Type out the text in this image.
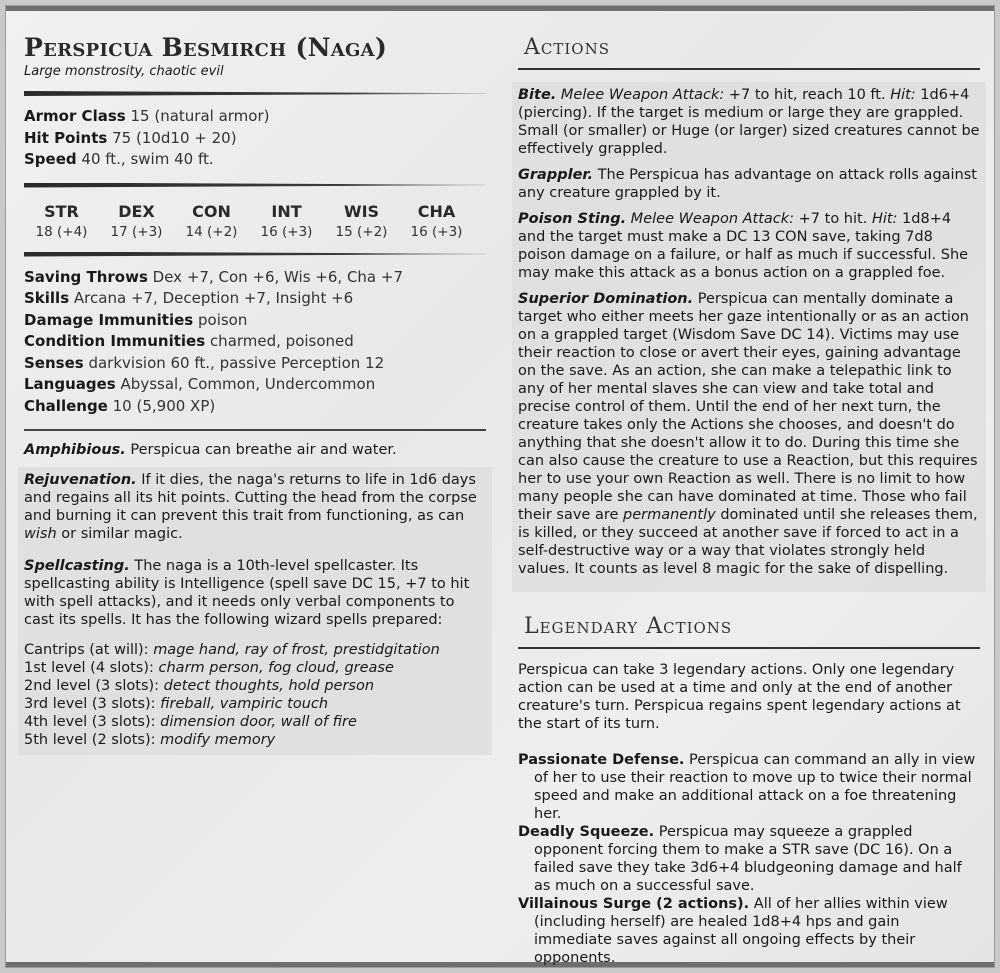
Perspicua Besmirch (Naga)
Large monstrosity, chaotic evil
Armor Class 15 (natural armor)
Hit Points 75 (10d10 + 20)
Speed 40 ft., swim 40 ft.
STR
18 (+4)
DEX
17 (+3)
CON
14 (+2)
INT
16 (+3)
WIS
15 (+2)
CHA
16 (+3)
Saving Throws Dex +7, Con +6, Wis +6, Cha +7
Skills Arcana +7, Deception +7, Insight +6
Damage Immunities poison
Condition Immunities charmed, poisoned
Senses darkvision 60 ft., passive Perception 12
Languages Abyssal, Common, Undercommon
Challenge 10 (5,900 XP)
Amphibious. Perspicua can breathe air and water.
Rejuvenation. If it dies, the naga's returns to life in 1d6 days and regains all its hit points. Cutting the head from the corpse and burning it can prevent this trait from functioning, as can wish or similar magic.
Spellcasting. The naga is a 10th-level spellcaster. Its spellcasting ability is Intelligence (spell save DC 15, +7 to hit with spell attacks), and it needs only verbal components to cast its spells. It has the following wizard spells prepared:
Cantrips (at will): mage hand, ray of frost, prestidgitation
1st level (4 slots): charm person, fog cloud, grease
2nd level (3 slots): detect thoughts, hold person
3rd level (3 slots): fireball, vampiric touch
4th level (3 slots): dimension door, wall of fire
5th level (2 slots): modify memory
Actions
Bite. Melee Weapon Attack: +7 to hit, reach 10 ft. Hit: 1d6+4 (piercing). If the target is medium or large they are grappled. Small (or smaller) or Huge (or larger) sized creatures cannot be effectively grappled.
Grappler. The Perspicua has advantage on attack rolls against any creature grappled by it.
Poison Sting. Melee Weapon Attack: +7 to hit. Hit: 1d8+4 and the target must make a DC 13 CON save, taking 7d8 poison damage on a failure, or half as much if successful. She may make this attack as a bonus action on a grappled foe.
Superior Domination. Perspicua can mentally dominate a target who either meets her gaze intentionally or as an action on a grappled target (Wisdom Save DC 14). Victims may use their reaction to close or avert their eyes, gaining advantage on the save. As an action, she can make a telepathic link to any of her mental slaves she can view and take total and precise control of them. Until the end of her next turn, the creature takes only the Actions she chooses, and doesn't do anything that she doesn't allow it to do. During this time she can also cause the creature to use a Reaction, but this requires her to use your own Reaction as well. There is no limit to how many people she can have dominated at time. Those who fail their save are permanently dominated until she releases them, is killed, or they succeed at another save if forced to act in a self-destructive way or a way that violates strongly held values. It counts as level 8 magic for the sake of dispelling.
Legendary Actions
Perspicua can take 3 legendary actions. Only one legendary action can be used at a time and only at the end of another creature's turn. Perspicua regains spent legendary actions at the start of its turn.
Passionate Defense. Perspicua can command an ally in view of her to use their reaction to move up to twice their normal speed and make an additional attack on a foe threatening her.
Deadly Squeeze. Perspicua may squeeze a grappled opponent forcing them to make a STR save (DC 16). On a failed save they take 3d6+4 bludgeoning damage and half as much on a successful save.
Villainous Surge (2 actions). All of her allies within view (including herself) are healed 1d8+4 hps and gain immediate saves against all ongoing effects by their opponents.
